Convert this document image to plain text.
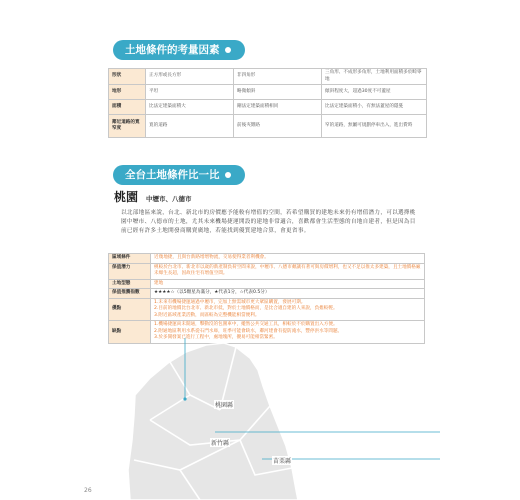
土地條件的考量因素
形狀	正方形或長方形	非四角形	三角形、不成形多角形，土地利用面積多於畸零地
地形	平坦	略微傾斜	傾斜程度大，超過30度不可蓋屋
面積	比法定建築面積大	剛法定建築面積相同	比法定建築面積小，有無法蓋屋的隱憂
鄰近道路的寬窄度	寬的道路	前後夾雜路	窄的道路，無屬可規劃停車出入，進出費時
全台土地條件比一比
桃園 中壢市、八德市
以北部地區來說，台北、新北市的房價應予能較有增值的空間，若希望購買的建地未來仍有增值潛力，可以選擇桃園中壢市、八德市的土地，尤其未來機場捷運開設的建地非常適合，喜歡都會生活型態的自地自建者，但是因為目前已經有許多土地開發商購賣廣地，若能找到優質建地合算，會更省事。
區域條件	近幾地捷，且與台新路增增物流，交易使得業者利機會。
保值潛力	桃較於台北市、新北市以歲的新產制負荷空間來說，中壢市、八德市頗讓有著可與房價增利，也又不足以推太多建築，且土地價格廠未爆生長超，因故住宅有增值空間。
土地型態	建地
保值推薦指數	★★★★☆（以5顆星為滿分，★代表1分，☆代表0.5分）
優點	1.未來有機場捷運通過中壢市，完加上無需城市更大眾區購置，發展可期。
2.目前的地價比台北市、新北市低，對於土地價格而，是比合適自建的人來說，負擔較輕。
3.附近區域產業活動，而區較為完整機能相當便利。

缺點	1.機場捷運尚未開通，擊動沒的包圍車中，縱然公共交通工具，相較於不於購置出入方便。
2.附通地區利用水系從石門水庫，旺季可能會缺水，鄰河建會有提防淹水，豐停洪水等問題。
3.於多開發案已進行工程中，處地塊所，優易可能相當緊密。
桃園縣
新竹縣
苗栗縣
26
